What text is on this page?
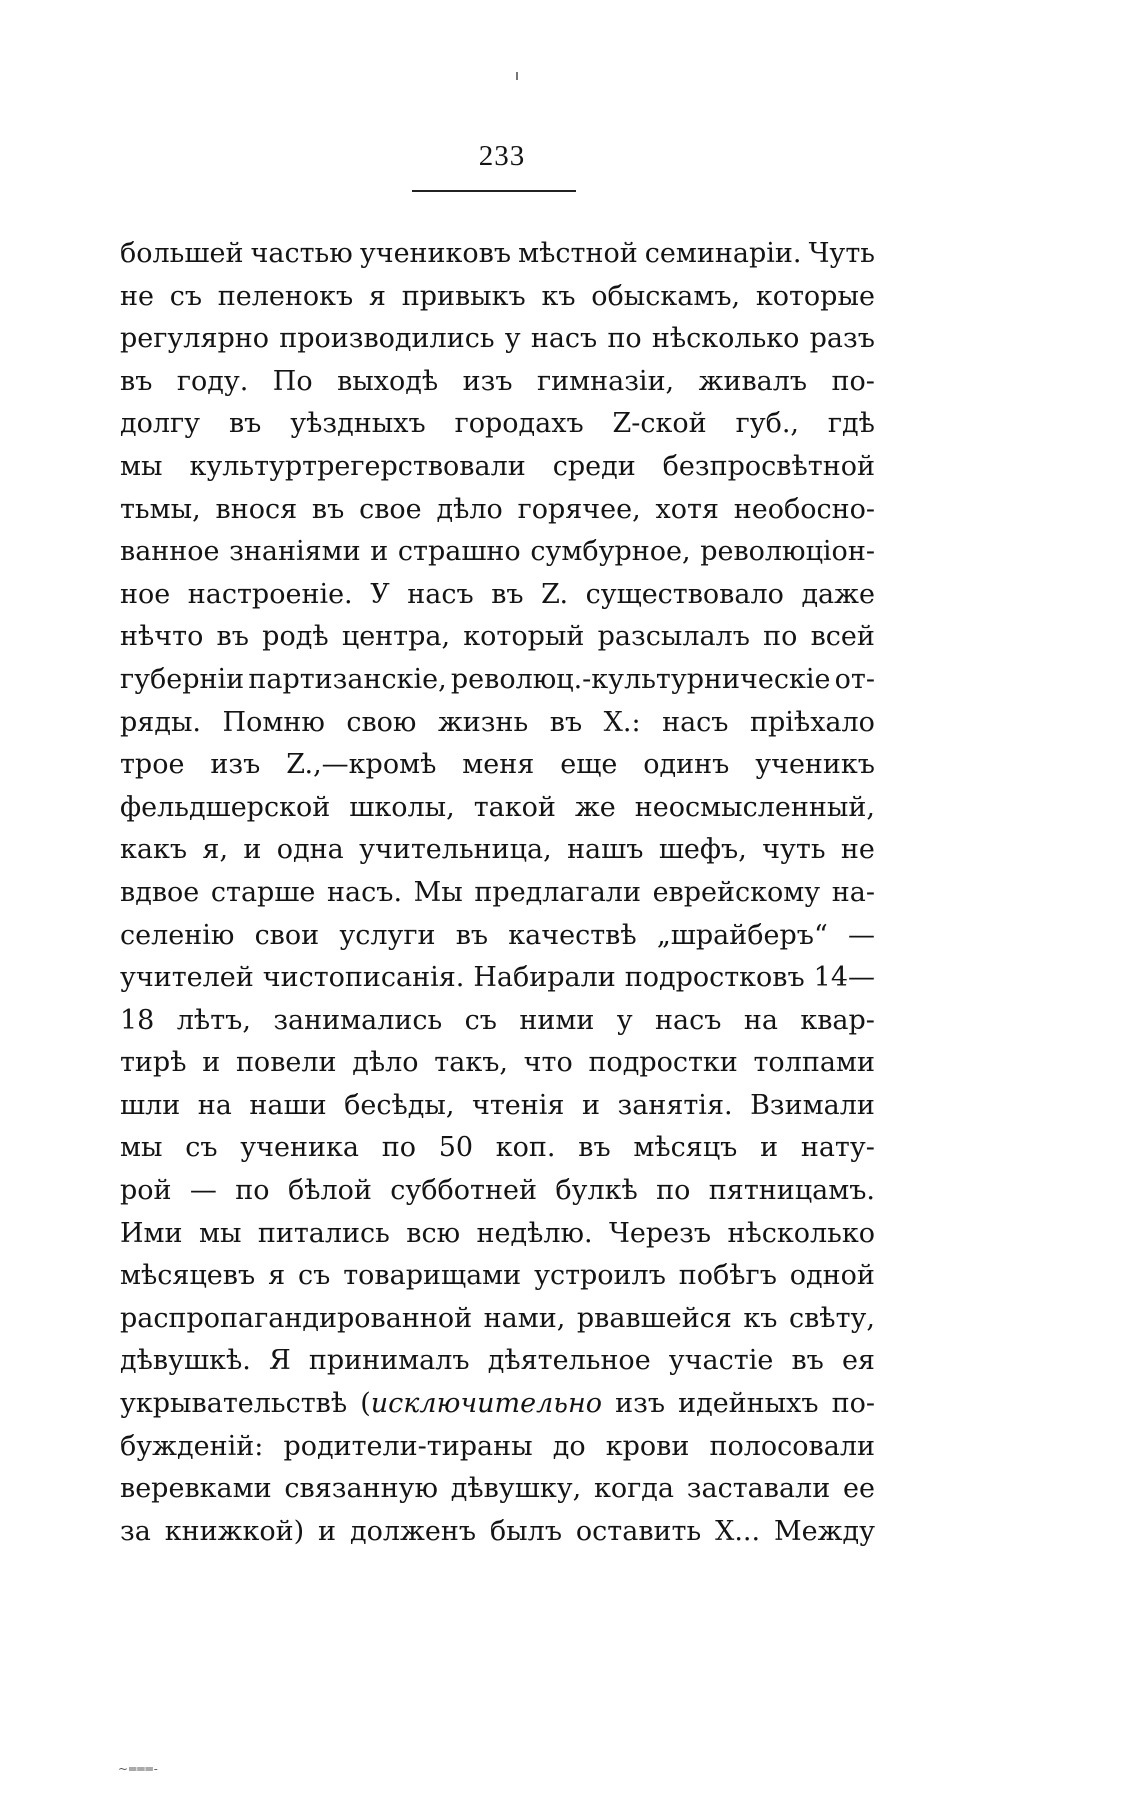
233
большей частью учениковъ мѣстной семинаріи. Чуть
не съ пеленокъ я привыкъ къ обыскамъ, которые
регулярно производились у насъ по нѣсколько разъ
въ году. По выходѣ изъ гимназіи, живалъ по-
долгу въ уѣздныхъ городахъ Z-ской губ., гдѣ
мы культуртрегерствовали среди безпросвѣтной
тьмы, внося въ свое дѣло горячее, хотя необосно-
ванное знаніями и страшно сумбурное, революціон-
ное настроеніе. У насъ въ Z. существовало даже
нѣчто въ родѣ центра, который разсылалъ по всей
губерніи партизанскіе, революц.-культурническіе от-
ряды. Помню свою жизнь въ X.: насъ пріѣхало
трое изъ Z.,—кромѣ меня еще одинъ ученикъ
фельдшерской школы, такой же неосмысленный,
какъ я, и одна учительница, нашъ шефъ, чуть не
вдвое старше насъ. Мы предлагали еврейскому на-
селенію свои услуги въ качествѣ „шрайберъ“ —
учителей чистописанія. Набирали подростковъ 14—
18 лѣтъ, занимались съ ними у насъ на квар-
тирѣ и повели дѣло такъ, что подростки толпами
шли на наши бесѣды, чтенія и занятія. Взимали
мы съ ученика по 50 коп. въ мѣсяцъ и нату-
рой — по бѣлой субботней булкѣ по пятницамъ.
Ими мы питались всю недѣлю. Черезъ нѣсколько
мѣсяцевъ я съ товарищами устроилъ побѣгъ одной
распропагандированной нами, рвавшейся къ свѣту,
дѣвушкѣ. Я принималъ дѣятельное участіе въ ея
укрывательствѣ (исключительно изъ идейныхъ по-
бужденій: родители-тираны до крови полосовали
веревками связанную дѣвушку, когда заставали ее
за книжкой) и долженъ былъ оставить X... Между
~═══-
